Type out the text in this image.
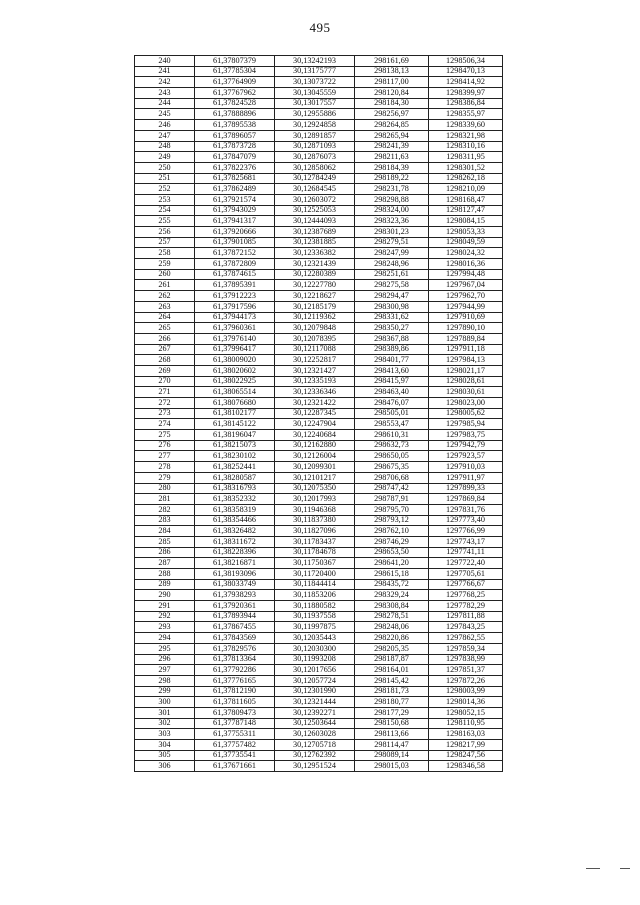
495
240	61,37807379	30,13242193	298161,69	1298506,34
241	61,37785304	30,13175777	298138,13	1298470,13
242	61,37764909	30,13073722	298117,00	1298414,92
243	61,37767962	30,13045559	298120,84	1298399,97
244	61,37824528	30,13017557	298184,30	1298386,84
245	61,37888896	30,12955886	298256,97	1298355,97
246	61,37895538	30,12924858	298264,85	1298339,60
247	61,37896057	30,12891857	298265,94	1298321,98
248	61,37873728	30,12871093	298241,39	1298310,16
249	61,37847079	30,12876073	298211,63	1298311,95
250	61,37822376	30,12858062	298184,39	1298301,52
251	61,37825681	30,12784249	298189,22	1298262,18
252	61,37862489	30,12684545	298231,78	1298210,09
253	61,37921574	30,12603072	298298,88	1298168,47
254	61,37943029	30,12525053	298324,00	1298127,47
255	61,37941317	30,12444093	298323,36	1298084,15
256	61,37920666	30,12387689	298301,23	1298053,33
257	61,37901085	30,12381885	298279,51	1298049,59
258	61,37872152	30,12336382	298247,99	1298024,32
259	61,37872809	30,12321439	298248,96	1298016,36
260	61,37874615	30,12280389	298251,61	1297994,48
261	61,37895391	30,12227780	298275,58	1297967,04
262	61,37912223	30,12218627	298294,47	1297962,70
263	61,37917596	30,12185179	298300,98	1297944,99
264	61,37944173	30,12119362	298331,62	1297910,69
265	61,37960361	30,12079848	298350,27	1297890,10
266	61,37976140	30,12078395	298367,88	1297889,84
267	61,37996417	30,12117088	298389,86	1297911,18
268	61,38009020	30,12252817	298401,77	1297984,13
269	61,38020602	30,12321427	298413,60	1298021,17
270	61,38022925	30,12335193	298415,97	1298028,61
271	61,38065514	30,12336346	298463,40	1298030,61
272	61,38076680	30,12321422	298476,07	1298023,00
273	61,38102177	30,12287345	298505,01	1298005,62
274	61,38145122	30,12247904	298553,47	1297985,94
275	61,38196047	30,12240684	298610,31	1297983,75
276	61,38215073	30,12162880	298632,73	1297942,79
277	61,38230102	30,12126004	298650,05	1297923,57
278	61,38252441	30,12099301	298675,35	1297910,03
279	61,38280587	30,12101217	298706,68	1297911,97
280	61,38316793	30,12075350	298747,42	1297899,33
281	61,38352332	30,12017993	298787,91	1297869,84
282	61,38358319	30,11946368	298795,70	1297831,76
283	61,38354466	30,11837380	298793,12	1297773,40
284	61,38326482	30,11827096	298762,10	1297766,99
285	61,38311672	30,11783437	298746,29	1297743,17
286	61,38228396	30,11784678	298653,50	1297741,11
287	61,38216871	30,11750367	298641,20	1297722,40
288	61,38193096	30,11720400	298615,18	1297705,61
289	61,38033749	30,11844414	298435,72	1297766,67
290	61,37938293	30,11853206	298329,24	1297768,25
291	61,37920361	30,11880582	298308,84	1297782,29
292	61,37893944	30,11937558	298278,51	1297811,88
293	61,37867455	30,11997875	298248,06	1297843,25
294	61,37843569	30,12035443	298220,86	1297862,55
295	61,37829576	30,12030300	298205,35	1297859,34
296	61,37813364	30,11993208	298187,87	1297838,99
297	61,37792286	30,12017656	298164,01	1297851,37
298	61,37776165	30,12057724	298145,42	1297872,26
299	61,37812190	30,12301990	298181,73	1298003,99
300	61,37811605	30,12321444	298180,77	1298014,36
301	61,37809473	30,12392271	298177,29	1298052,15
302	61,37787148	30,12503644	298150,68	1298110,95
303	61,37755311	30,12603028	298113,66	1298163,03
304	61,37757482	30,12705718	298114,47	1298217,99
305	61,37735541	30,12762392	298089,14	1298247,56
306	61,37671661	30,12951524	298015,03	1298346,58
